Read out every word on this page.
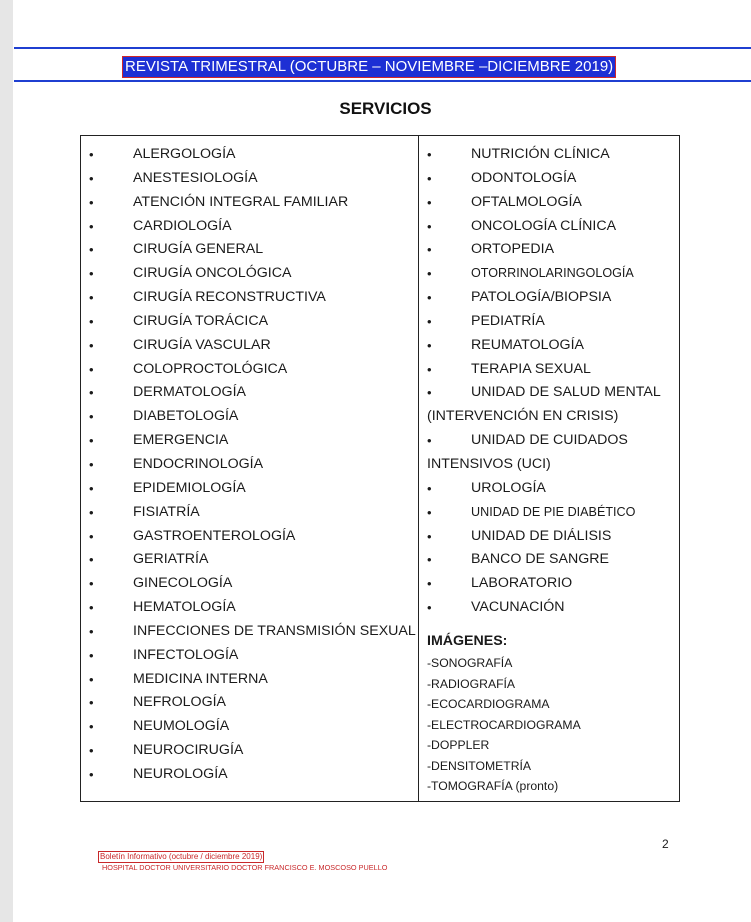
REVISTA TRIMESTRAL (OCTUBRE – NOVIEMBRE –DICIEMBRE 2019)
SERVICIOS
•	ALERGOLOGÍA
•	ANESTESIOLOGÍA
•	ATENCIÓN INTEGRAL FAMILIAR
•	CARDIOLOGÍA
•	CIRUGÍA GENERAL
•	CIRUGÍA ONCOLÓGICA
•	CIRUGÍA RECONSTRUCTIVA
•	CIRUGÍA TORÁCICA
•	CIRUGÍA VASCULAR
•	COLOPROCTOLÓGICA
•	DERMATOLOGÍA
•	DIABETOLOGÍA
•	EMERGENCIA
•	ENDOCRINOLOGÍA
•	EPIDEMIOLOGÍA
•	FISIATRÍA
•	GASTROENTEROLOGÍA
•	GERIATRÍA
•	GINECOLOGÍA
•	HEMATOLOGÍA
•	INFECCIONES DE TRANSMISIÓN SEXUAL
•	INFECTOLOGÍA
•	MEDICINA INTERNA
•	NEFROLOGÍA
•	NEUMOLOGÍA
•	NEUROCIRUGÍA
•	NEUROLOGÍA
•	NUTRICIÓN CLÍNICA
•	ODONTOLOGÍA
•	OFTALMOLOGÍA
•	ONCOLOGÍA CLÍNICA
•	ORTOPEDIA
•	OTORRINOLARINGOLOGÍA
•	PATOLOGÍA/BIOPSIA
•	PEDIATRÍA
•	REUMATOLOGÍA
•	TERAPIA SEXUAL
•	UNIDAD DE SALUD MENTAL
(INTERVENCIÓN EN CRISIS)
•	UNIDAD DE CUIDADOS
INTENSIVOS (UCI)
•	UROLOGÍA
•	UNIDAD DE PIE DIABÉTICO
•	UNIDAD DE DIÁLISIS
•	BANCO DE SANGRE
•	LABORATORIO
•	VACUNACIÓN
IMÁGENES:
-SONOGRAFÍA
-RADIOGRAFÍA
-ECOCARDIOGRAMA
-ELECTROCARDIOGRAMA
-DOPPLER
-DENSITOMETRÍA
-TOMOGRAFÍA (pronto)
2
Boletín Informativo (octubre / diciembre 2019)
HOSPITAL DOCTOR UNIVERSITARIO DOCTOR FRANCISCO E. MOSCOSO PUELLO
